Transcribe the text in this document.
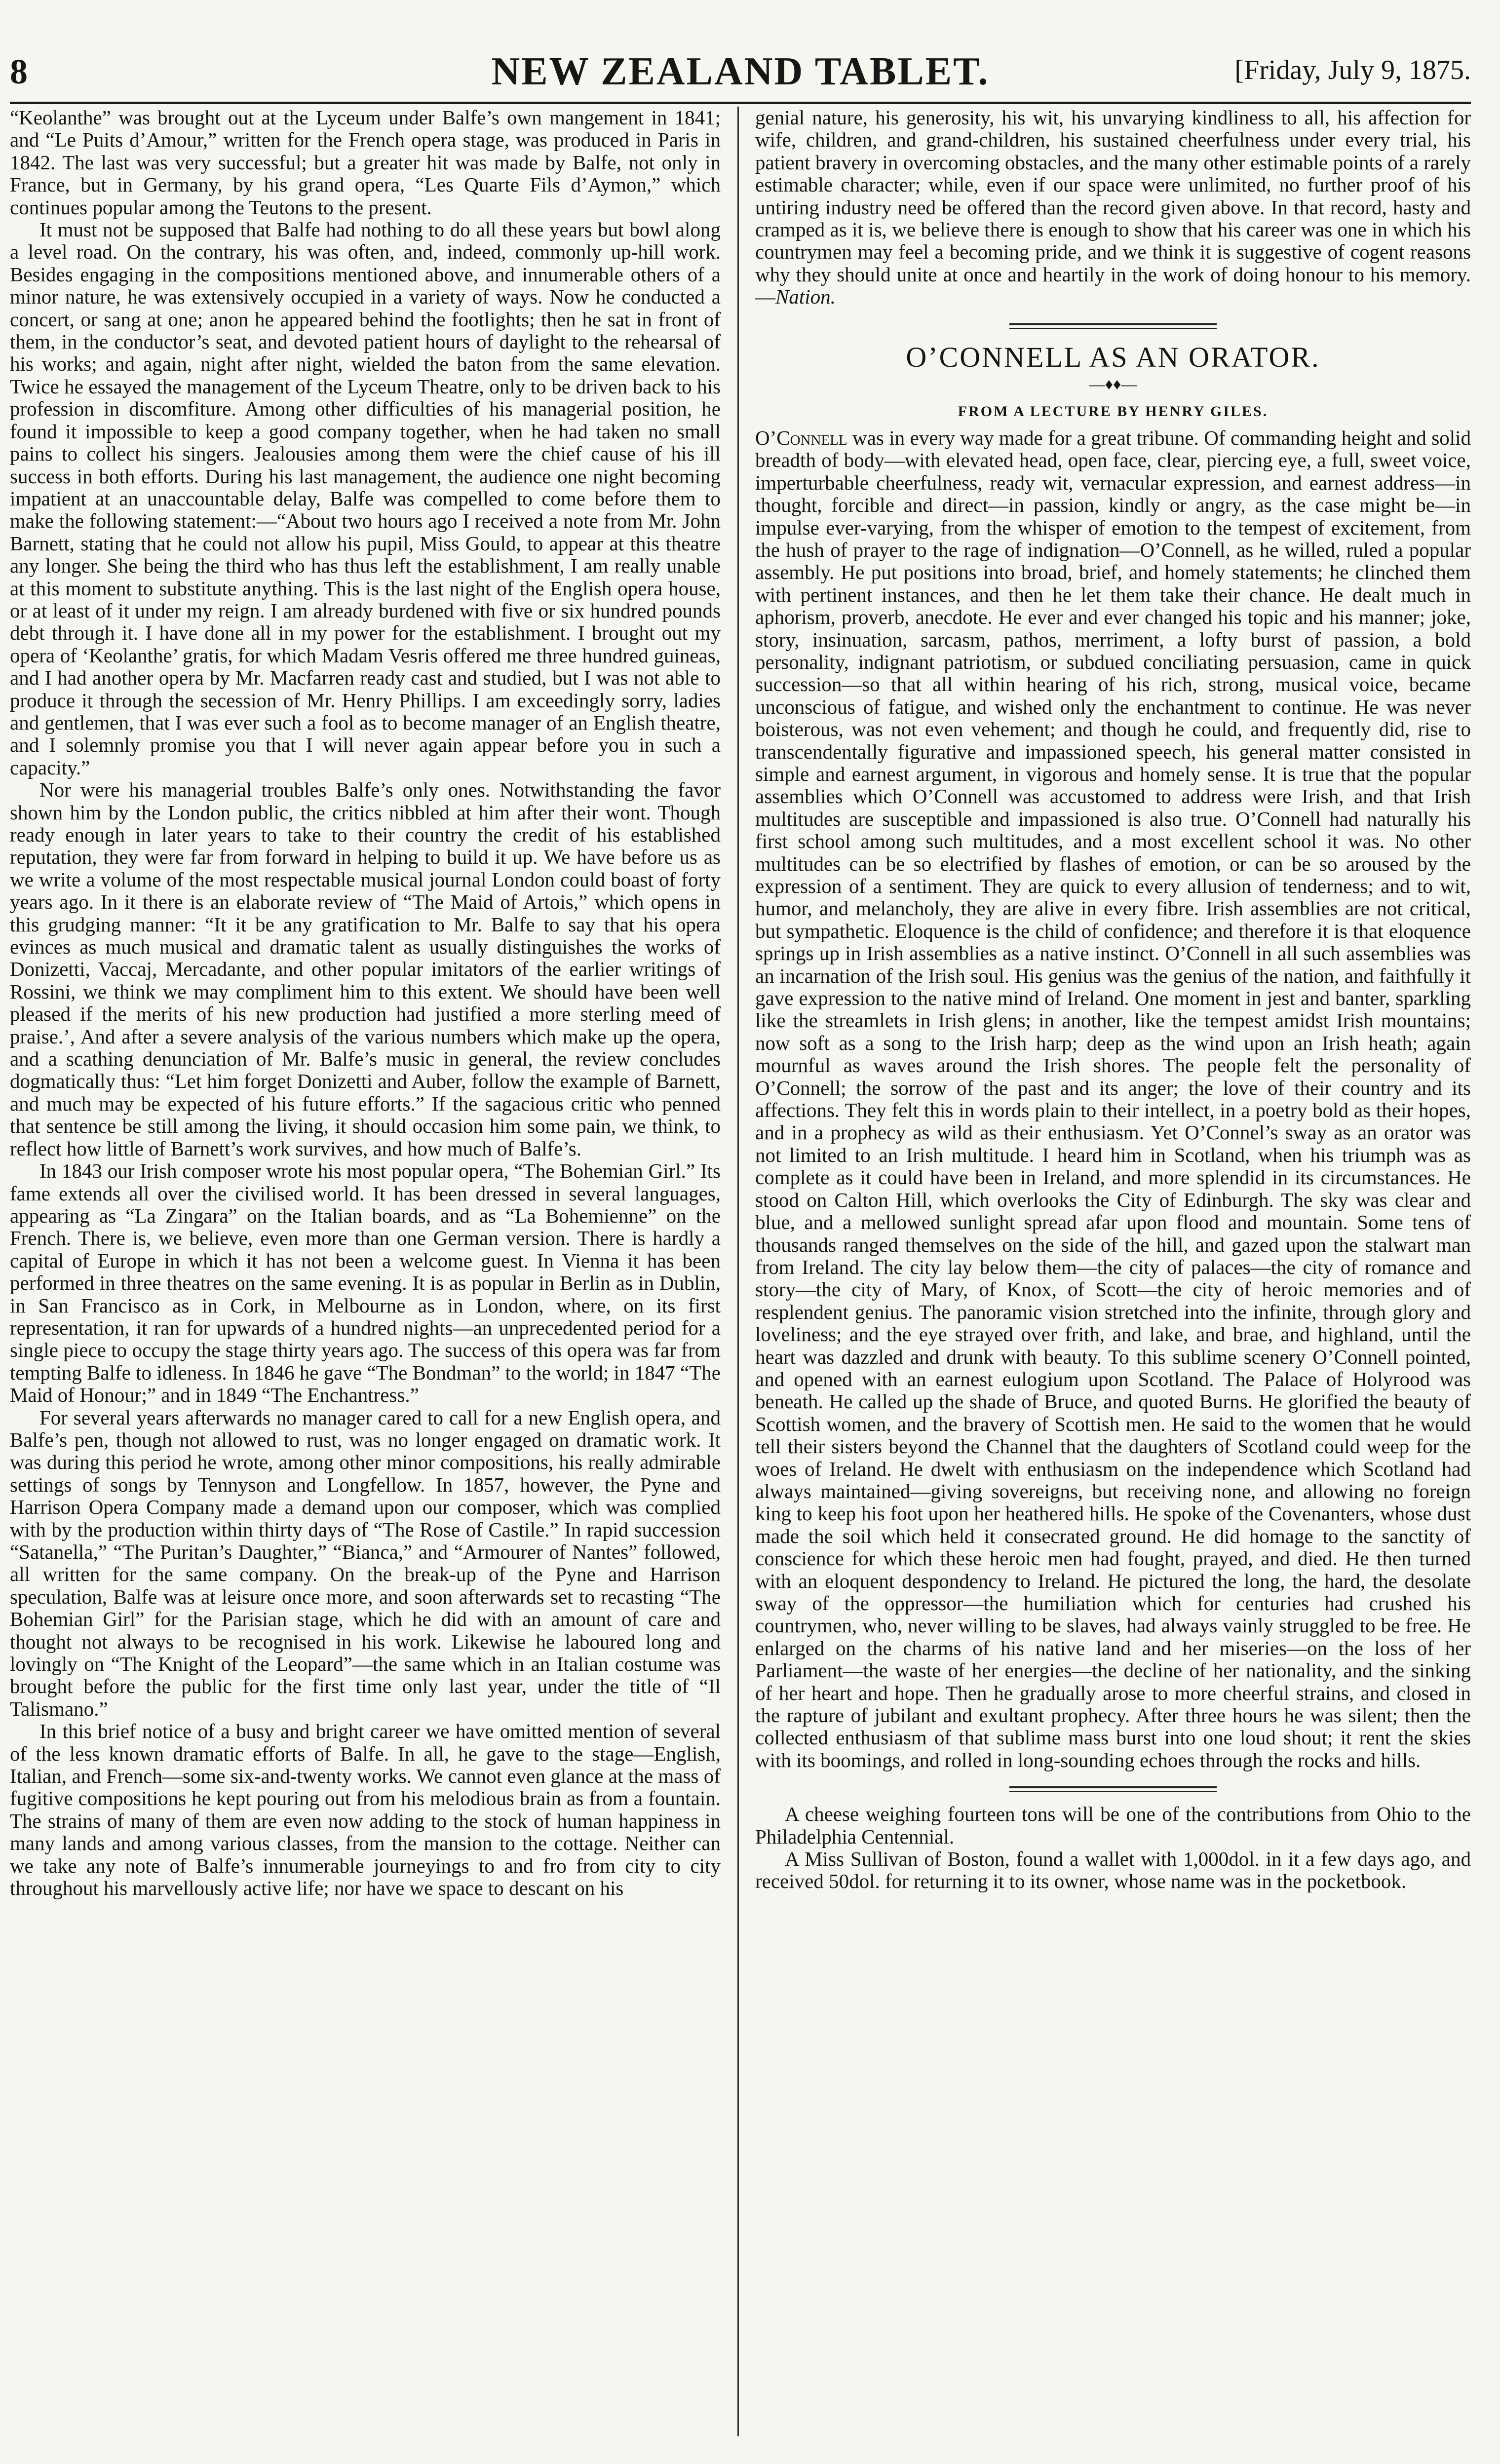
8	NEW ZEALAND TABLET.	[Friday, July 9, 1875.

“Keolanthe” was brought out at the Lyceum under Balfe’s own mangement in 1841; and “Le Puits d’Amour,” written for the French opera stage, was produced in Paris in 1842. The last was very successful; but a greater hit was made by Balfe, not only in France, but in Germany, by his grand opera, “Les Quarte Fils d’Aymon,” which continues popular among the Teutons to the present.

It must not be supposed that Balfe had nothing to do all these years but bowl along a level road. On the contrary, his was often, and, indeed, commonly up-hill work. Besides engaging in the compositions mentioned above, and innumerable others of a minor nature, he was extensively occupied in a variety of ways. Now he conducted a concert, or sang at one; anon he appeared behind the footlights; then he sat in front of them, in the conductor’s seat, and devoted patient hours of daylight to the rehearsal of his works; and again, night after night, wielded the baton from the same elevation. Twice he essayed the management of the Lyceum Theatre, only to be driven back to his profession in discomfiture. Among other difficulties of his managerial position, he found it impossible to keep a good company together, when he had taken no small pains to collect his singers. Jealousies among them were the chief cause of his ill success in both efforts. During his last management, the audience one night becoming impatient at an unaccountable delay, Balfe was compelled to come before them to make the following statement:—“About two hours ago I received a note from Mr. John Barnett, stating that he could not allow his pupil, Miss Gould, to appear at this theatre any longer. She being the third who has thus left the establishment, I am really unable at this moment to substitute anything. This is the last night of the English opera house, or at least of it under my reign. I am already burdened with five or six hundred pounds debt through it. I have done all in my power for the establishment. I brought out my opera of ‘Keolanthe’ gratis, for which Madam Vesris offered me three hundred guineas, and I had another opera by Mr. Macfarren ready cast and studied, but I was not able to produce it through the secession of Mr. Henry Phillips. I am exceedingly sorry, ladies and gentlemen, that I was ever such a fool as to become manager of an English theatre, and I solemnly promise you that I will never again appear before you in such a capacity.”

Nor were his managerial troubles Balfe’s only ones. Notwithstanding the favor shown him by the London public, the critics nibbled at him after their wont. Though ready enough in later years to take to their country the credit of his established reputation, they were far from forward in helping to build it up. We have before us as we write a volume of the most respectable musical journal London could boast of forty years ago. In it there is an elaborate review of “The Maid of Artois,” which opens in this grudging manner: “It it be any gratification to Mr. Balfe to say that his opera evinces as much musical and dramatic talent as usually distinguishes the works of Donizetti, Vaccaj, Mercadante, and other popular imitators of the earlier writings of Rossini, we think we may compliment him to this extent. We should have been well pleased if the merits of his new production had justified a more sterling meed of praise.’, And after a severe analysis of the various numbers which make up the opera, and a scathing denunciation of Mr. Balfe’s music in general, the review concludes dogmatically thus: “Let him forget Donizetti and Auber, follow the example of Barnett, and much may be expected of his future efforts.” If the sagacious critic who penned that sentence be still among the living, it should occasion him some pain, we think, to reflect how little of Barnett’s work survives, and how much of Balfe’s.

In 1843 our Irish composer wrote his most popular opera, “The Bohemian Girl.” Its fame extends all over the civilised world. It has been dressed in several languages, appearing as “La Zingara” on the Italian boards, and as “La Bohemienne” on the French. There is, we believe, even more than one German version. There is hardly a capital of Europe in which it has not been a welcome guest. In Vienna it has been performed in three theatres on the same evening. It is as popular in Berlin as in Dublin, in San Francisco as in Cork, in Melbourne as in London, where, on its first representation, it ran for upwards of a hundred nights—an unprecedented period for a single piece to occupy the stage thirty years ago. The success of this opera was far from tempting Balfe to idleness. In 1846 he gave “The Bondman” to the world; in 1847 “The Maid of Honour;” and in 1849 “The Enchantress.”

For several years afterwards no manager cared to call for a new English opera, and Balfe’s pen, though not allowed to rust, was no longer engaged on dramatic work. It was during this period he wrote, among other minor compositions, his really admirable settings of songs by Tennyson and Longfellow. In 1857, however, the Pyne and Harrison Opera Company made a demand upon our composer, which was complied with by the production within thirty days of “The Rose of Castile.” In rapid succession “Satanella,” “The Puritan’s Daughter,” “Bianca,” and “Armourer of Nantes” followed, all written for the same company. On the break-up of the Pyne and Harrison speculation, Balfe was at leisure once more, and soon afterwards set to recasting “The Bohemian Girl” for the Parisian stage, which he did with an amount of care and thought not always to be recognised in his work. Likewise he laboured long and lovingly on “The Knight of the Leopard”—the same which in an Italian costume was brought before the public for the first time only last year, under the title of “Il Talismano.”

In this brief notice of a busy and bright career we have omitted mention of several of the less known dramatic efforts of Balfe. In all, he gave to the stage—English, Italian, and French—some six-and-twenty works. We cannot even glance at the mass of fugitive compositions he kept pouring out from his melodious brain as from a fountain. The strains of many of them are even now adding to the stock of human happiness in many lands and among various classes, from the mansion to the cottage. Neither can we take any note of Balfe’s innumerable journeyings to and fro from city to city throughout his marvellously active life; nor have we space to descant on his

genial nature, his generosity, his wit, his unvarying kindliness to all, his affection for wife, children, and grand-children, his sustained cheerfulness under every trial, his patient bravery in overcoming obstacles, and the many other estimable points of a rarely estimable character; while, even if our space were unlimited, no further proof of his untiring industry need be offered than the record given above. In that record, hasty and cramped as it is, we believe there is enough to show that his career was one in which his countrymen may feel a becoming pride, and we think it is suggestive of cogent reasons why they should unite at once and heartily in the work of doing honour to his memory.—Nation.

O’CONNELL AS AN ORATOR.
—♦♦—
FROM A LECTURE BY HENRY GILES.

O’Connell was in every way made for a great tribune. Of commanding height and solid breadth of body—with elevated head, open face, clear, piercing eye, a full, sweet voice, imperturbable cheerfulness, ready wit, vernacular expression, and earnest address—in thought, forcible and direct—in passion, kindly or angry, as the case might be—in impulse ever-varying, from the whisper of emotion to the tempest of excitement, from the hush of prayer to the rage of indignation—O’Connell, as he willed, ruled a popular assembly. He put positions into broad, brief, and homely statements; he clinched them with pertinent instances, and then he let them take their chance. He dealt much in aphorism, proverb, anecdote. He ever and ever changed his topic and his manner; joke, story, insinuation, sarcasm, pathos, merriment, a lofty burst of passion, a bold personality, indignant patriotism, or subdued conciliating persuasion, came in quick succession—so that all within hearing of his rich, strong, musical voice, became unconscious of fatigue, and wished only the enchantment to continue. He was never boisterous, was not even vehement; and though he could, and frequently did, rise to transcendentally figurative and impassioned speech, his general matter consisted in simple and earnest argument, in vigorous and homely sense. It is true that the popular assemblies which O’Connell was accustomed to address were Irish, and that Irish multitudes are susceptible and impassioned is also true. O’Connell had naturally his first school among such multitudes, and a most excellent school it was. No other multitudes can be so electrified by flashes of emotion, or can be so aroused by the expression of a sentiment. They are quick to every allusion of tenderness; and to wit, humor, and melancholy, they are alive in every fibre. Irish assemblies are not critical, but sympathetic. Eloquence is the child of confidence; and therefore it is that eloquence springs up in Irish assemblies as a native instinct. O’Connell in all such assemblies was an incarnation of the Irish soul. His genius was the genius of the nation, and faithfully it gave expression to the native mind of Ireland. One moment in jest and banter, sparkling like the streamlets in Irish glens; in another, like the tempest amidst Irish mountains; now soft as a song to the Irish harp; deep as the wind upon an Irish heath; again mournful as waves around the Irish shores. The people felt the personality of O’Connell; the sorrow of the past and its anger; the love of their country and its affections. They felt this in words plain to their intellect, in a poetry bold as their hopes, and in a prophecy as wild as their enthusiasm. Yet O’Connel’s sway as an orator was not limited to an Irish multitude. I heard him in Scotland, when his triumph was as complete as it could have been in Ireland, and more splendid in its circumstances. He stood on Calton Hill, which overlooks the City of Edinburgh. The sky was clear and blue, and a mellowed sunlight spread afar upon flood and mountain. Some tens of thousands ranged themselves on the side of the hill, and gazed upon the stalwart man from Ireland. The city lay below them—the city of palaces—the city of romance and story—the city of Mary, of Knox, of Scott—the city of heroic memories and of resplendent genius. The panoramic vision stretched into the infinite, through glory and loveliness; and the eye strayed over frith, and lake, and brae, and highland, until the heart was dazzled and drunk with beauty. To this sublime scenery O’Connell pointed, and opened with an earnest eulogium upon Scotland. The Palace of Holyrood was beneath. He called up the shade of Bruce, and quoted Burns. He glorified the beauty of Scottish women, and the bravery of Scottish men. He said to the women that he would tell their sisters beyond the Channel that the daughters of Scotland could weep for the woes of Ireland. He dwelt with enthusiasm on the independence which Scotland had always maintained—giving sovereigns, but receiving none, and allowing no foreign king to keep his foot upon her heathered hills. He spoke of the Covenanters, whose dust made the soil which held it consecrated ground. He did homage to the sanctity of conscience for which these heroic men had fought, prayed, and died. He then turned with an eloquent despondency to Ireland. He pictured the long, the hard, the desolate sway of the oppressor—the humiliation which for centuries had crushed his countrymen, who, never willing to be slaves, had always vainly struggled to be free. He enlarged on the charms of his native land and her miseries—on the loss of her Parliament—the waste of her energies—the decline of her nationality, and the sinking of her heart and hope. Then he gradually arose to more cheerful strains, and closed in the rapture of jubilant and exultant prophecy. After three hours he was silent; then the collected enthusiasm of that sublime mass burst into one loud shout; it rent the skies with its boomings, and rolled in long-sounding echoes through the rocks and hills.

A cheese weighing fourteen tons will be one of the contributions from Ohio to the Philadelphia Centennial.

A Miss Sullivan of Boston, found a wallet with 1,000dol. in it a few days ago, and received 50dol. for returning it to its owner, whose name was in the pocketbook.
